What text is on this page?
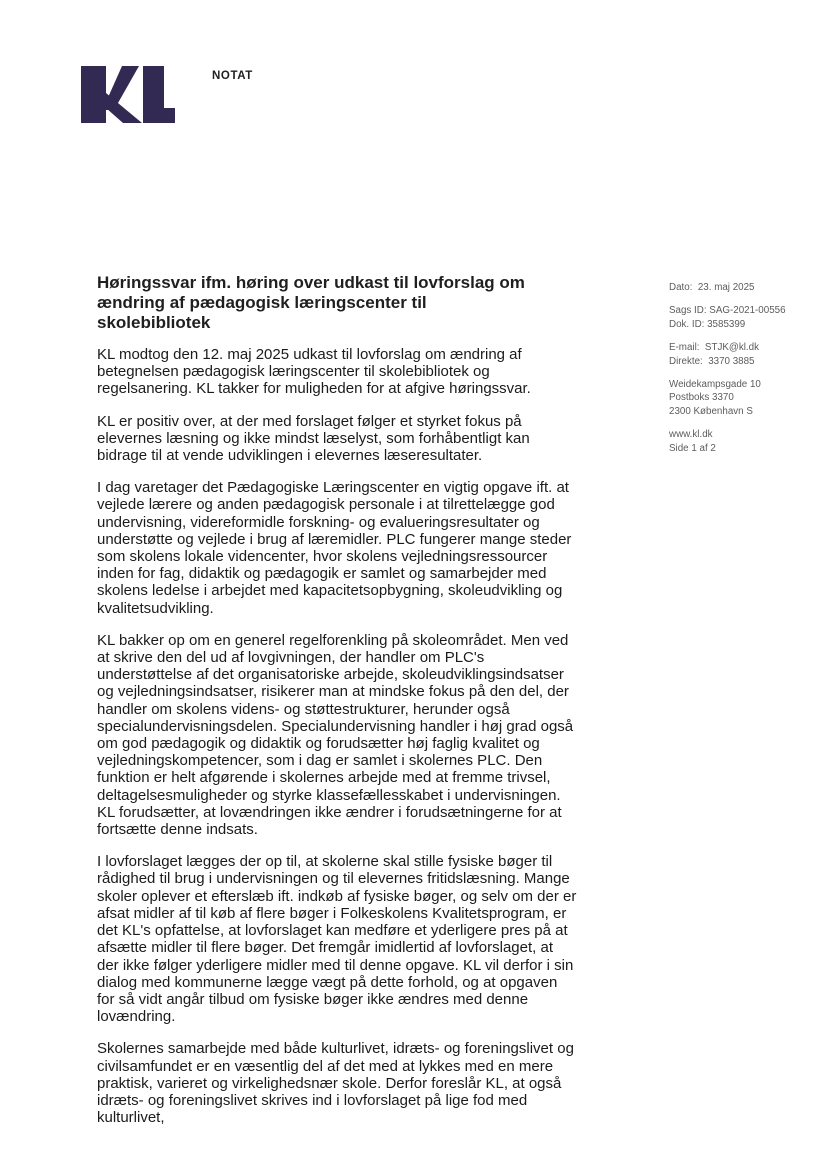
NOTAT
Høringssvar ifm. høring over udkast til lovforslag om
ændring af pædagogisk læringscenter til
skolebibliotek

KL modtog den 12. maj 2025 udkast til lovforslag om ændring af betegnelsen pædagogisk læringscenter til skolebibliotek og regelsanering. KL takker for muligheden for at afgive høringssvar.

KL er positiv over, at der med forslaget følger et styrket fokus på elevernes læsning og ikke mindst læselyst, som forhåbentligt kan bidrage til at vende udviklingen i elevernes læseresultater.

I dag varetager det Pædagogiske Læringscenter en vigtig opgave ift. at vejlede lærere og anden pædagogisk personale i at tilrettelægge god undervisning, videreformidle forskning- og evalueringsresultater og understøtte og vejlede i brug af læremidler. PLC fungerer mange steder som skolens lokale videncenter, hvor skolens vejledningsressourcer inden for fag, didaktik og pædagogik er samlet og samarbejder med skolens ledelse i arbejdet med kapacitetsopbygning, skoleudvikling og kvalitetsudvikling.

KL bakker op om en generel regelforenkling på skoleområdet. Men ved at skrive den del ud af lovgivningen, der handler om PLC's understøttelse af det organisatoriske arbejde, skoleudviklingsindsatser og vejledningsindsatser, risikerer man at mindske fokus på den del, der handler om skolens videns- og støttestrukturer, herunder også specialundervisningsdelen. Specialundervisning handler i høj grad også om god pædagogik og didaktik og forudsætter høj faglig kvalitet og vejledningskompetencer, som i dag er samlet i skolernes PLC. Den funktion er helt afgørende i skolernes arbejde med at fremme trivsel, deltagelsesmuligheder og styrke klassefællesskabet i undervisningen. KL forudsætter, at lovændringen ikke ændrer i forudsætningerne for at fortsætte denne indsats.

I lovforslaget lægges der op til, at skolerne skal stille fysiske bøger til rådighed til brug i undervisningen og til elevernes fritidslæsning. Mange skoler oplever et efterslæb ift. indkøb af fysiske bøger, og selv om der er afsat midler af til køb af flere bøger i Folkeskolens Kvalitetsprogram, er det KL's opfattelse, at lovforslaget kan medføre et yderligere pres på at afsætte midler til flere bøger. Det fremgår imidlertid af lovforslaget, at der ikke følger yderligere midler med til denne opgave. KL vil derfor i sin dialog med kommunerne lægge vægt på dette forhold, og at opgaven for så vidt angår tilbud om fysiske bøger ikke ændres med denne lovændring.

Skolernes samarbejde med både kulturlivet, idræts- og foreningslivet og civilsamfundet er en væsentlig del af det med at lykkes med en mere praktisk, varieret og virkelighedsnær skole. Derfor foreslår KL, at også idræts- og foreningslivet skrives ind i lovforslaget på lige fod med kulturlivet,

Dato:  23. maj 2025
Sags ID: SAG-2021-00556
Dok. ID: 3585399
E-mail:  STJK@kl.dk
Direkte:  3370 3885
Weidekampsgade 10
Postboks 3370
2300 København S
www.kl.dk
Side 1 af 2
